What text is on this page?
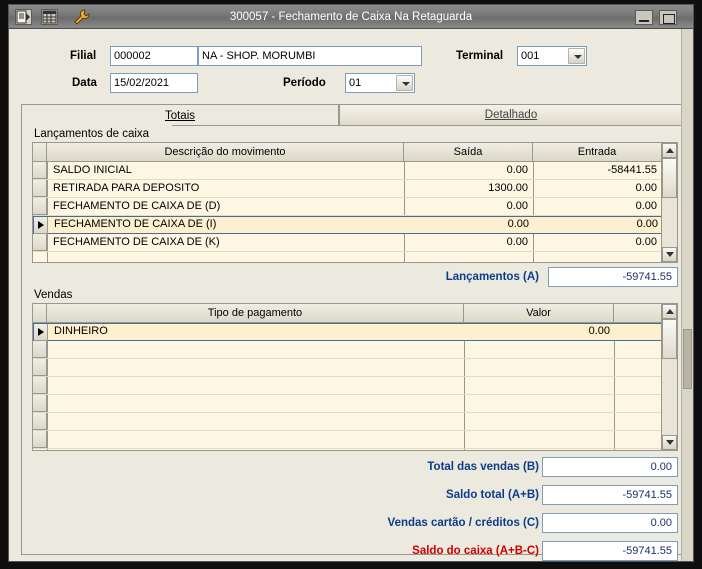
300057 - Fechamento de Caixa Na Retaguarda
Filial	000002	NA - SHOP. MORUMBI	Terminal	001
Data	15/02/2021	Período	01
Totais	Detalhado
Lançamentos de caixa
Descrição do movimento	Saída	Entrada
SALDO INICIAL	0.00	-58441.55
RETIRADA PARA DEPOSITO	1300.00	0.00
FECHAMENTO DE CAIXA DE (D)	0.00	0.00
FECHAMENTO DE CAIXA DE (I)	0.00	0.00
FECHAMENTO DE CAIXA DE (K)	0.00	0.00
Lançamentos (A)	-59741.55
Vendas
Tipo de pagamento	Valor
DINHEIRO	0.00
Total das vendas (B)	0.00
Saldo total (A+B)	-59741.55
Vendas cartão / créditos (C)	0.00
Saldo do caixa (A+B-C)	-59741.55
